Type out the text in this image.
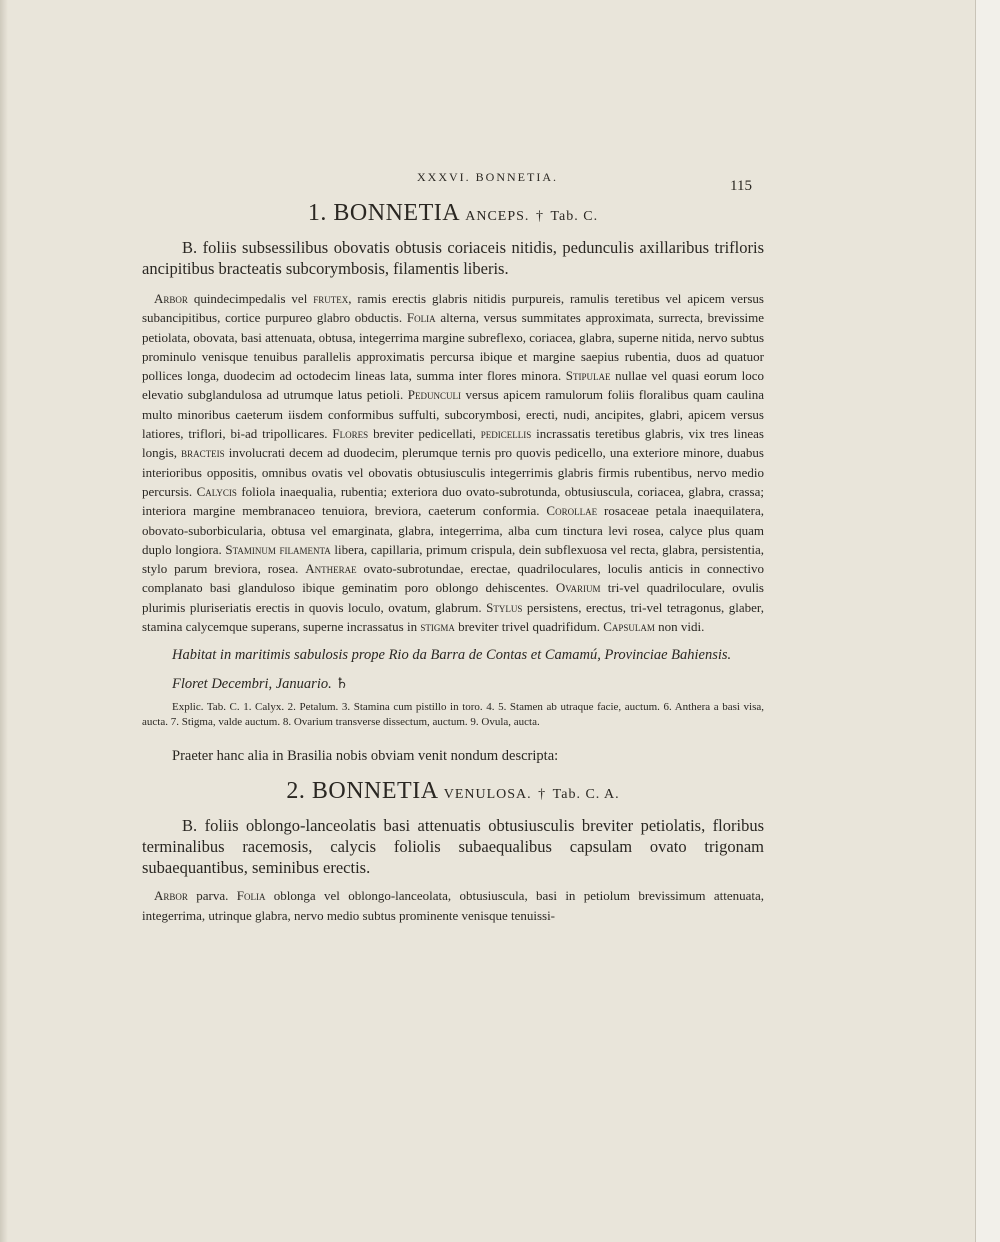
XXXVI. BONNETIA.
115
1. BONNETIA ANCEPS. † Tab. C.

B. foliis subsessilibus obovatis obtusis coriaceis nitidis, pedunculis axillaribus trifloris ancipitibus bracteatis subcorymbosis, filamentis liberis.

Arbor quindecimpedalis vel frutex, ramis erectis glabris nitidis purpureis, ramulis teretibus vel apicem versus subancipitibus, cortice purpureo glabro obductis. Folia alterna, versus summitates approximata, surrecta, brevissime petiolata, obovata, basi attenuata, obtusa, integerrima margine subreflexo, coriacea, glabra, superne nitida, nervo subtus prominulo venisque tenuibus parallelis approximatis percursa ibique et margine saepius rubentia, duos ad quatuor pollices longa, duodecim ad octodecim lineas lata, summa inter flores minora. Stipulae nullae vel quasi eorum loco elevatio subglandulosa ad utrumque latus petioli. Pedunculi versus apicem ramulorum foliis floralibus quam caulina multo minoribus caeterum iisdem conformibus suffulti, subcorymbosi, erecti, nudi, ancipites, glabri, apicem versus latiores, triflori, bi-ad tripollicares. Flores breviter pedicellati, pedicellis incrassatis teretibus glabris, vix tres lineas longis, bracteis involucrati decem ad duodecim, plerumque ternis pro quovis pedicello, una exteriore minore, duabus interioribus oppositis, omnibus ovatis vel obovatis obtusiusculis integerrimis glabris firmis rubentibus, nervo medio percursis. Calycis foliola inaequalia, rubentia; exteriora duo ovato-subrotunda, obtusiuscula, coriacea, glabra, crassa; interiora margine membranaceo tenuiora, breviora, caeterum conformia. Corollae rosaceae petala inaequilatera, obovato-suborbicularia, obtusa vel emarginata, glabra, integerrima, alba cum tinctura levi rosea, calyce plus quam duplo longiora. Staminum filamenta libera, capillaria, primum crispula, dein subflexuosa vel recta, glabra, persistentia, stylo parum breviora, rosea. Antherae ovato-subrotundae, erectae, quadriloculares, loculis anticis in connectivo complanato basi glanduloso ibique geminatim poro oblongo dehiscentes. Ovarium tri-vel quadriloculare, ovulis plurimis pluriseriatis erectis in quovis loculo, ovatum, glabrum. Stylus persistens, erectus, tri-vel tetragonus, glaber, stamina calycemque superans, superne incrassatus in stigma breviter trivel quadrifidum. Capsulam non vidi.

Habitat in maritimis sabulosis prope Rio da Barra de Contas et Camamú, Provinciae Bahiensis.

Floret Decembri, Januario. ♄

Explic. Tab. C. 1. Calyx. 2. Petalum. 3. Stamina cum pistillo in toro. 4. 5. Stamen ab utraque facie, auctum. 6. Anthera a basi visa, aucta. 7. Stigma, valde auctum. 8. Ovarium transverse dissectum, auctum. 9. Ovula, aucta.

Praeter hanc alia in Brasilia nobis obviam venit nondum descripta:

2. BONNETIA VENULOSA. † Tab. C. A.

B. foliis oblongo-lanceolatis basi attenuatis obtusiusculis breviter petiolatis, floribus terminalibus racemosis, calycis foliolis subaequalibus capsulam ovato trigonam subaequantibus, seminibus erectis.

Arbor parva. Folia oblonga vel oblongo-lanceolata, obtusiuscula, basi in petiolum brevissimum attenuata, integerrima, utrinque glabra, nervo medio subtus prominente venisque tenuissi-
